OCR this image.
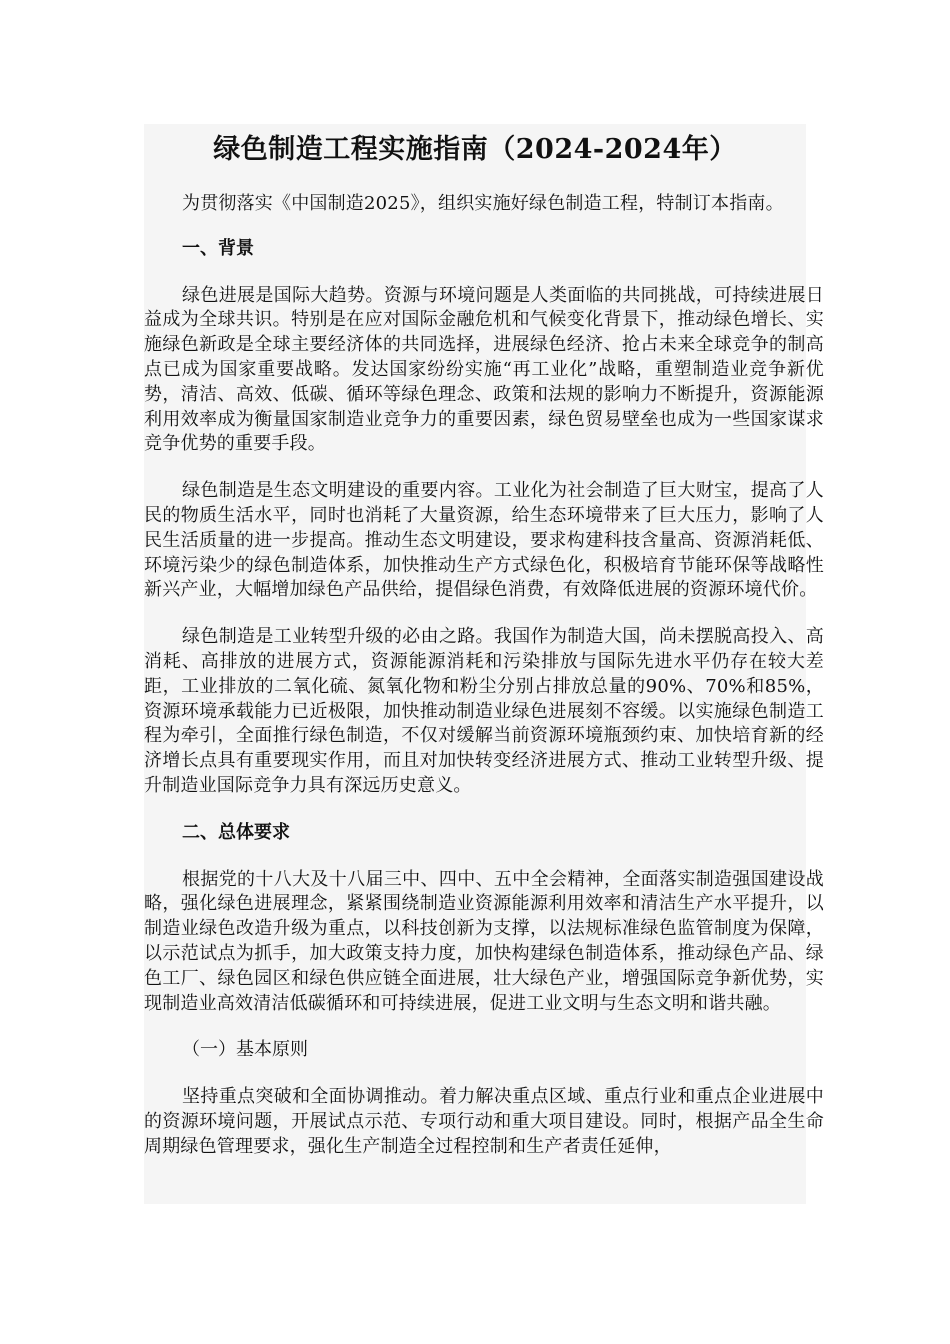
绿色制造工程实施指南（2024-2024年）

为贯彻落实《中国制造2025》，组织实施好绿色制造工程，特制订本指南。

一、背景

绿色进展是国际大趋势。资源与环境问题是人类面临的共同挑战，可持续进展日益成为全球共识。特别是在应对国际金融危机和气候变化背景下，推动绿色增长、实施绿色新政是全球主要经济体的共同选择，进展绿色经济、抢占未来全球竞争的制高点已成为国家重要战略。发达国家纷纷实施“再工业化”战略，重塑制造业竞争新优势，清洁、高效、低碳、循环等绿色理念、政策和法规的影响力不断提升，资源能源利用效率成为衡量国家制造业竞争力的重要因素，绿色贸易壁垒也成为一些国家谋求竞争优势的重要手段。

绿色制造是生态文明建设的重要内容。工业化为社会制造了巨大财宝，提高了人民的物质生活水平，同时也消耗了大量资源，给生态环境带来了巨大压力，影响了人民生活质量的进一步提高。推动生态文明建设，要求构建科技含量高、资源消耗低、环境污染少的绿色制造体系，加快推动生产方式绿色化，积极培育节能环保等战略性新兴产业，大幅增加绿色产品供给，提倡绿色消费，有效降低进展的资源环境代价。

绿色制造是工业转型升级的必由之路。我国作为制造大国，尚未摆脱高投入、高消耗、高排放的进展方式，资源能源消耗和污染排放与国际先进水平仍存在较大差距，工业排放的二氧化硫、氮氧化物和粉尘分别占排放总量的90%、70%和85%，资源环境承载能力已近极限，加快推动制造业绿色进展刻不容缓。以实施绿色制造工程为牵引，全面推行绿色制造，不仅对缓解当前资源环境瓶颈约束、加快培育新的经济增长点具有重要现实作用，而且对加快转变经济进展方式、推动工业转型升级、提升制造业国际竞争力具有深远历史意义。

二、总体要求

根据党的十八大及十八届三中、四中、五中全会精神，全面落实制造强国建设战略，强化绿色进展理念，紧紧围绕制造业资源能源利用效率和清洁生产水平提升，以制造业绿色改造升级为重点，以科技创新为支撑，以法规标准绿色监管制度为保障，以示范试点为抓手，加大政策支持力度，加快构建绿色制造体系，推动绿色产品、绿色工厂、绿色园区和绿色供应链全面进展，壮大绿色产业，增强国际竞争新优势，实现制造业高效清洁低碳循环和可持续进展，促进工业文明与生态文明和谐共融。

（一）基本原则

坚持重点突破和全面协调推动。着力解决重点区域、重点行业和重点企业进展中的资源环境问题，开展试点示范、专项行动和重大项目建设。同时，根据产品全生命周期绿色管理要求，强化生产制造全过程控制和生产者责任延伸，
